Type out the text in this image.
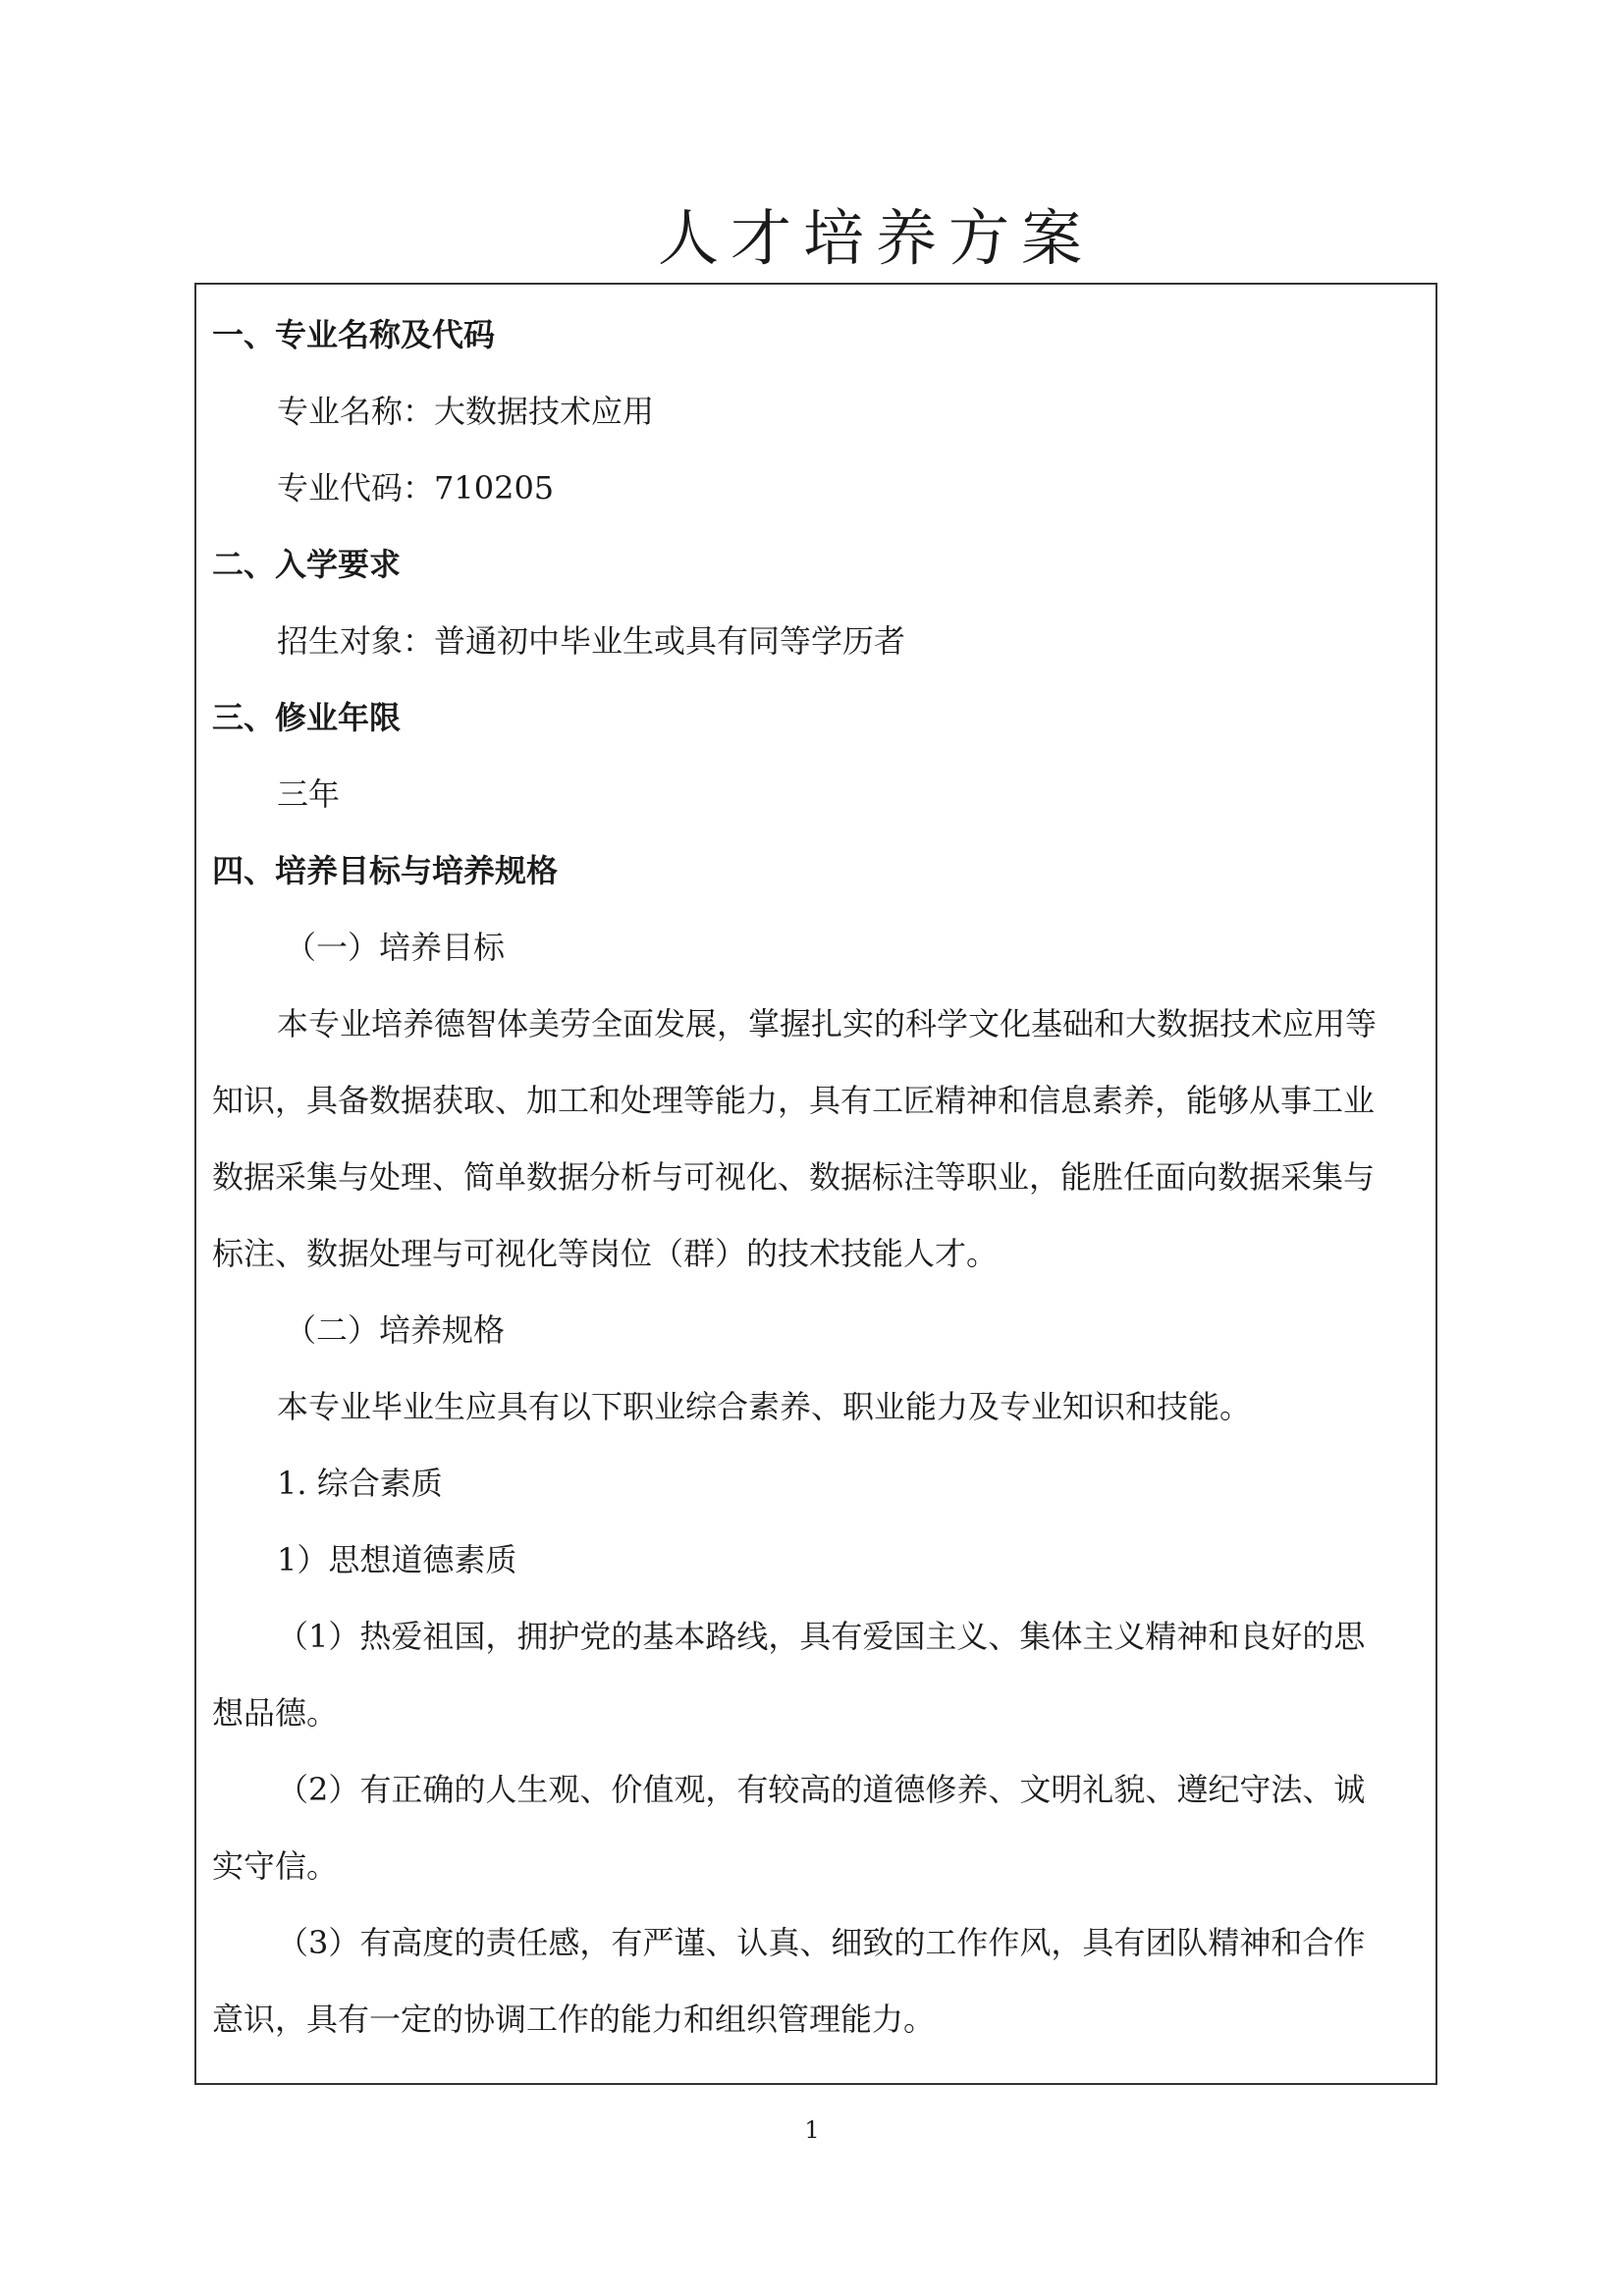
人才培养方案

一、专业名称及代码

专业名称：大数据技术应用

专业代码：710205

二、入学要求

招生对象：普通初中毕业生或具有同等学历者

三、修业年限

三年

四、培养目标与培养规格

（一）培养目标

本专业培养德智体美劳全面发展，掌握扎实的科学文化基础和大数据技术应用等

知识，具备数据获取、加工和处理等能力，具有工匠精神和信息素养，能够从事工业

数据采集与处理、简单数据分析与可视化、数据标注等职业，能胜任面向数据采集与

标注、数据处理与可视化等岗位（群）的技术技能人才。

（二）培养规格

本专业毕业生应具有以下职业综合素养、职业能力及专业知识和技能。

1. 综合素质

1）思想道德素质

（1）热爱祖国，拥护党的基本路线，具有爱国主义、集体主义精神和良好的思

想品德。

（2）有正确的人生观、价值观，有较高的道德修养、文明礼貌、遵纪守法、诚

实守信。

（3）有高度的责任感，有严谨、认真、细致的工作作风，具有团队精神和合作

意识，具有一定的协调工作的能力和组织管理能力。

1
